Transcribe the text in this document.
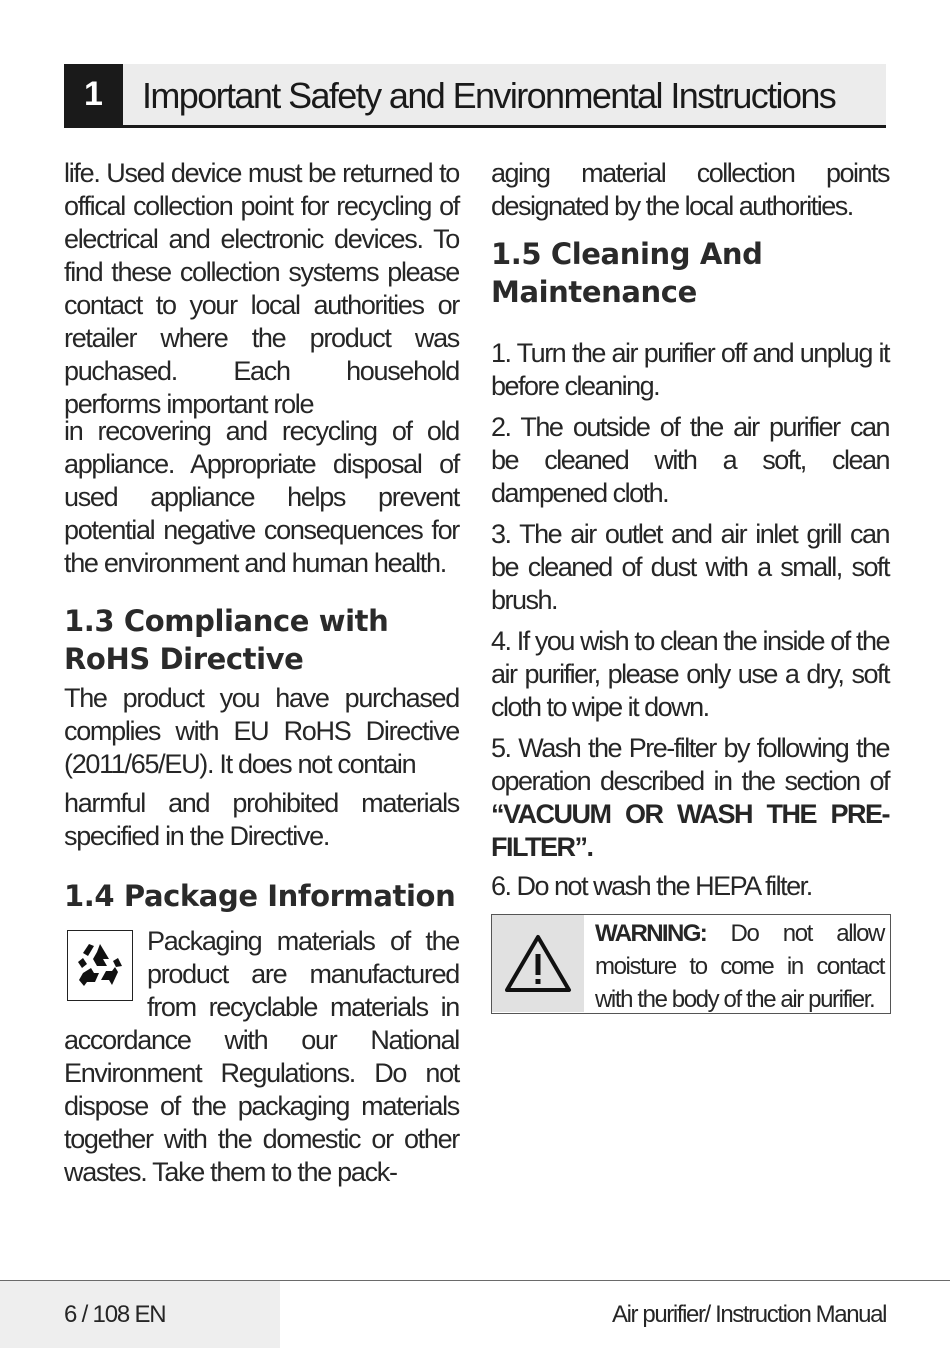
1	Important Safety and Environmental Instructions

life. Used device must be returned to offical collection point for recycling of electrical and electronic devices. To find these collection systems please contact to your local authorities or retailer where the product was puchased. Each household performs important role

in recovering and recycling of old appliance. Appropriate disposal of used appliance helps prevent potential negative consequences for the environment and human health.

1.3 Compliance with RoHS Directive

The product you have purchased complies with EU RoHS Directive (2011/65/EU). It does not contain

harmful and prohibited materials specified in the Directive.

1.4 Package Information

Packaging materials of the product are manufactured from recyclable materials in accordance with our National Environment Regulations. Do not dispose of the packaging materials together with the domestic or other wastes. Take them to the pack-

aging material collection points designated by the local authorities.

1.5 Cleaning And Maintenance

1. Turn the air purifier off and unplug it before cleaning.

2. The outside of the air purifier can be cleaned with a soft, clean dampened cloth.

3. The air outlet and air inlet grill can be cleaned of dust with a small, soft brush.

4. If you wish to clean the inside of the air purifier, please only use a dry, soft cloth to wipe it down.

5. Wash the Pre-filter by following the operation described in the section of “VACUUM OR WASH THE PRE-FILTER”.

6. Do not wash the HEPA filter.

WARNING: Do not allow moisture to come in contact with the body of the air purifier.
6 / 108 EN	Air purifier/ Instruction Manual
